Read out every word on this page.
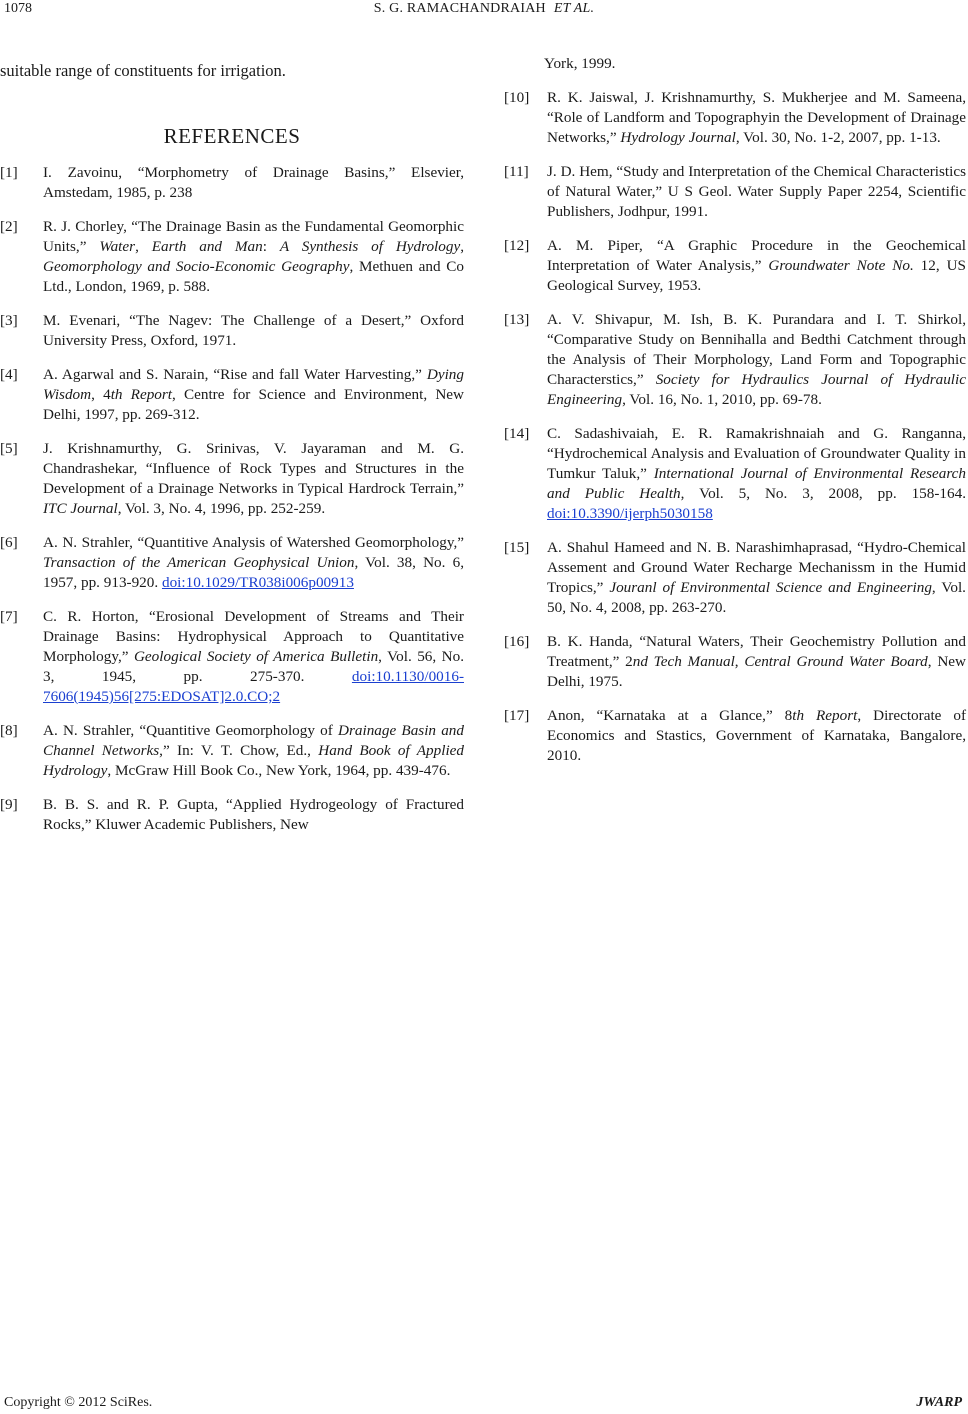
1078	S. G. RAMACHANDRAIAH ET AL.

suitable range of constituents for irrigation.

REFERENCES
[1]	I. Zavoinu, “Morphometry of Drainage Basins,” Elsevier, Amstedam, 1985, p. 238
[2]	R. J. Chorley, “The Drainage Basin as the Fundamental Geomorphic Units,” Water, Earth and Man: A Synthesis of Hydrology, Geomorphology and Socio-Economic Geography, Methuen and Co Ltd., London, 1969, p. 588.
[3]	M. Evenari, “The Nagev: The Challenge of a Desert,” Oxford University Press, Oxford, 1971.
[4]	A. Agarwal and S. Narain, “Rise and fall Water Harvesting,” Dying Wisdom, 4th Report, Centre for Science and Environment, New Delhi, 1997, pp. 269-312.
[5]	J. Krishnamurthy, G. Srinivas, V. Jayaraman and M. G. Chandrashekar, “Influence of Rock Types and Structures in the Development of a Drainage Networks in Typical Hardrock Terrain,” ITC Journal, Vol. 3, No. 4, 1996, pp. 252-259.
[6]	A. N. Strahler, “Quantitive Analysis of Watershed Geomorphology,” Transaction of the American Geophysical Union, Vol. 38, No. 6, 1957, pp. 913-920. doi:10.1029/TR038i006p00913
[7]	C. R. Horton, “Erosional Development of Streams and Their Drainage Basins: Hydrophysical Approach to Quantitative Morphology,” Geological Society of America Bulletin, Vol. 56, No. 3, 1945, pp. 275-370. doi:10.1130/0016-7606(1945)56[275:EDOSAT]2.0.CO;2
[8]	A. N. Strahler, “Quantitive Geomorphology of Drainage Basin and Channel Networks,” In: V. T. Chow, Ed., Hand Book of Applied Hydrology, McGraw Hill Book Co., New York, 1964, pp. 439-476.
[9]	B. B. S. and R. P. Gupta, “Applied Hydrogeology of Fractured Rocks,” Kluwer Academic Publishers, New

York, 1999.

[10]	R. K. Jaiswal, J. Krishnamurthy, S. Mukherjee and M. Sameena, “Role of Landform and Topographyin the Development of Drainage Networks,” Hydrology Journal, Vol. 30, No. 1-2, 2007, pp. 1-13.
[11]	J. D. Hem, “Study and Interpretation of the Chemical Characteristics of Natural Water,” U S Geol. Water Supply Paper 2254, Scientific Publishers, Jodhpur, 1991.
[12]	A. M. Piper, “A Graphic Procedure in the Geochemical Interpretation of Water Analysis,” Groundwater Note No. 12, US Geological Survey, 1953.
[13]	A. V. Shivapur, M. Ish, B. K. Purandara and I. T. Shirkol, “Comparative Study on Bennihalla and Bedthi Catchment through the Analysis of Their Morphology, Land Form and Topographic Characterstics,” Society for Hydraulics Journal of Hydraulic Engineering, Vol. 16, No. 1, 2010, pp. 69-78.
[14]	C. Sadashivaiah, E. R. Ramakrishnaiah and G. Ranganna, “Hydrochemical Analysis and Evaluation of Groundwater Quality in Tumkur Taluk,” International Journal of Environmental Research and Public Health, Vol. 5, No. 3, 2008, pp. 158-164. doi:10.3390/ijerph5030158
[15]	A. Shahul Hameed and N. B. Narashimhaprasad, “Hydro-Chemical Assement and Ground Water Recharge Mechanissm in the Humid Tropics,” Jouranl of Environmental Science and Engineering, Vol. 50, No. 4, 2008, pp. 263-270.
[16]	B. K. Handa, “Natural Waters, Their Geochemistry Pollution and Treatment,” 2nd Tech Manual, Central Ground Water Board, New Delhi, 1975.
[17]	Anon, “Karnataka at a Glance,” 8th Report, Directorate of Economics and Stastics, Government of Karnataka, Bangalore, 2010.
Copyright © 2012 SciRes.	JWARP
